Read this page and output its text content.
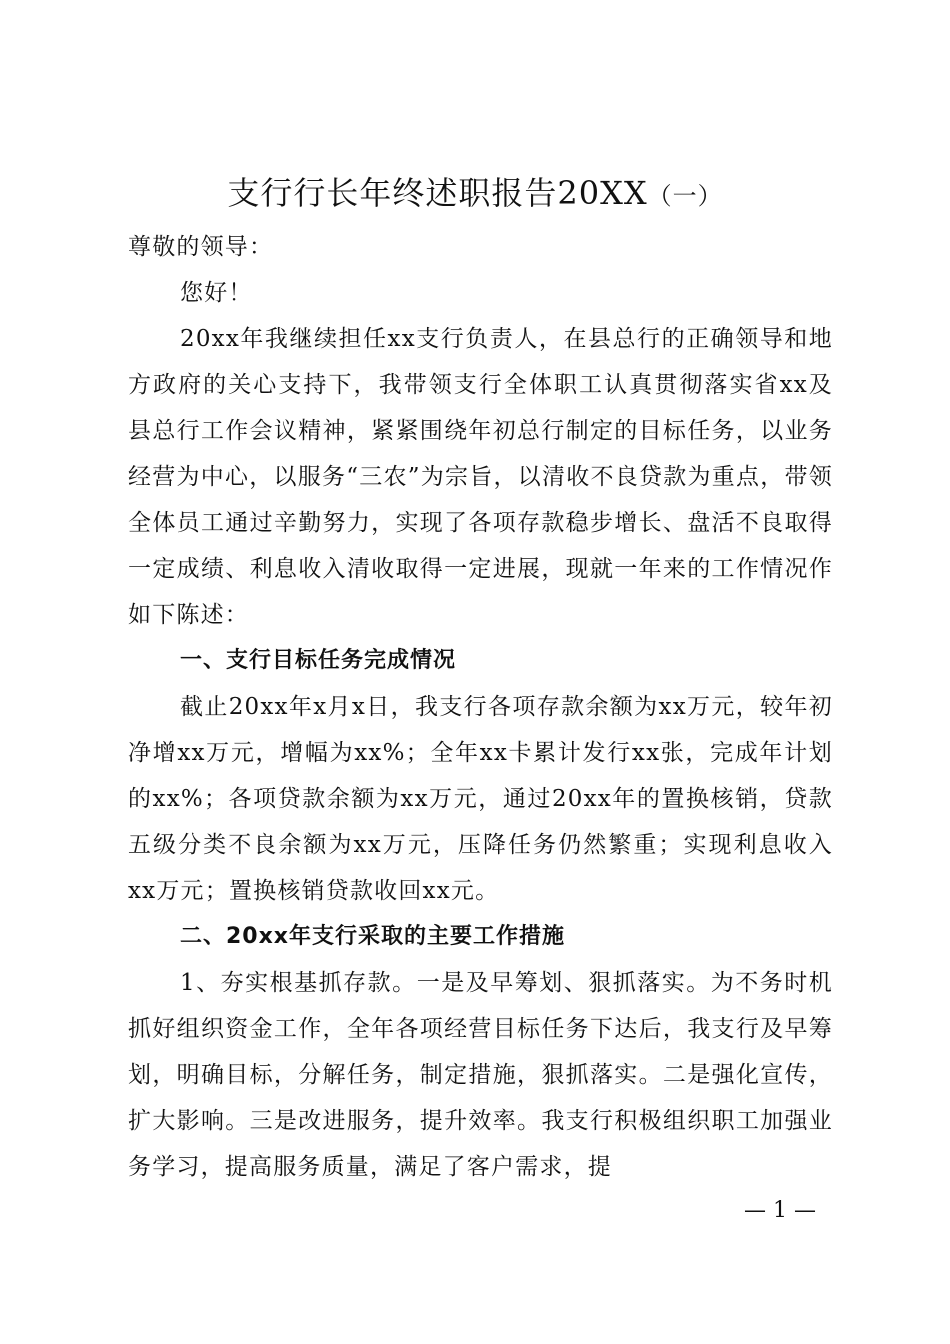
支行行长年终述职报告20XX（一）

尊敬的领导：

您好！

20xx年我继续担任xx支行负责人，在县总行的正确领导和地方政府的关心支持下，我带领支行全体职工认真贯彻落实省xx及县总行工作会议精神，紧紧围绕年初总行制定的目标任务，以业务经营为中心，以服务“三农”为宗旨，以清收不良贷款为重点，带领全体员工通过辛勤努力，实现了各项存款稳步增长、盘活不良取得一定成绩、利息收入清收取得一定进展，现就一年来的工作情况作如下陈述：

一、支行目标任务完成情况

截止20xx年x月x日，我支行各项存款余额为xx万元，较年初净增xx万元，增幅为xx%；全年xx卡累计发行xx张，完成年计划的xx%；各项贷款余额为xx万元，通过20xx年的置换核销，贷款五级分类不良余额为xx万元，压降任务仍然繁重；实现利息收入xx万元；置换核销贷款收回xx元。

二、20xx年支行采取的主要工作措施

1、夯实根基抓存款。一是及早筹划、狠抓落实。为不务时机抓好组织资金工作，全年各项经营目标任务下达后，我支行及早筹划，明确目标，分解任务，制定措施，狠抓落实。二是强化宣传，扩大影响。三是改进服务，提升效率。我支行积极组织职工加强业务学习，提高服务质量，满足了客户需求，提

— 1 —
